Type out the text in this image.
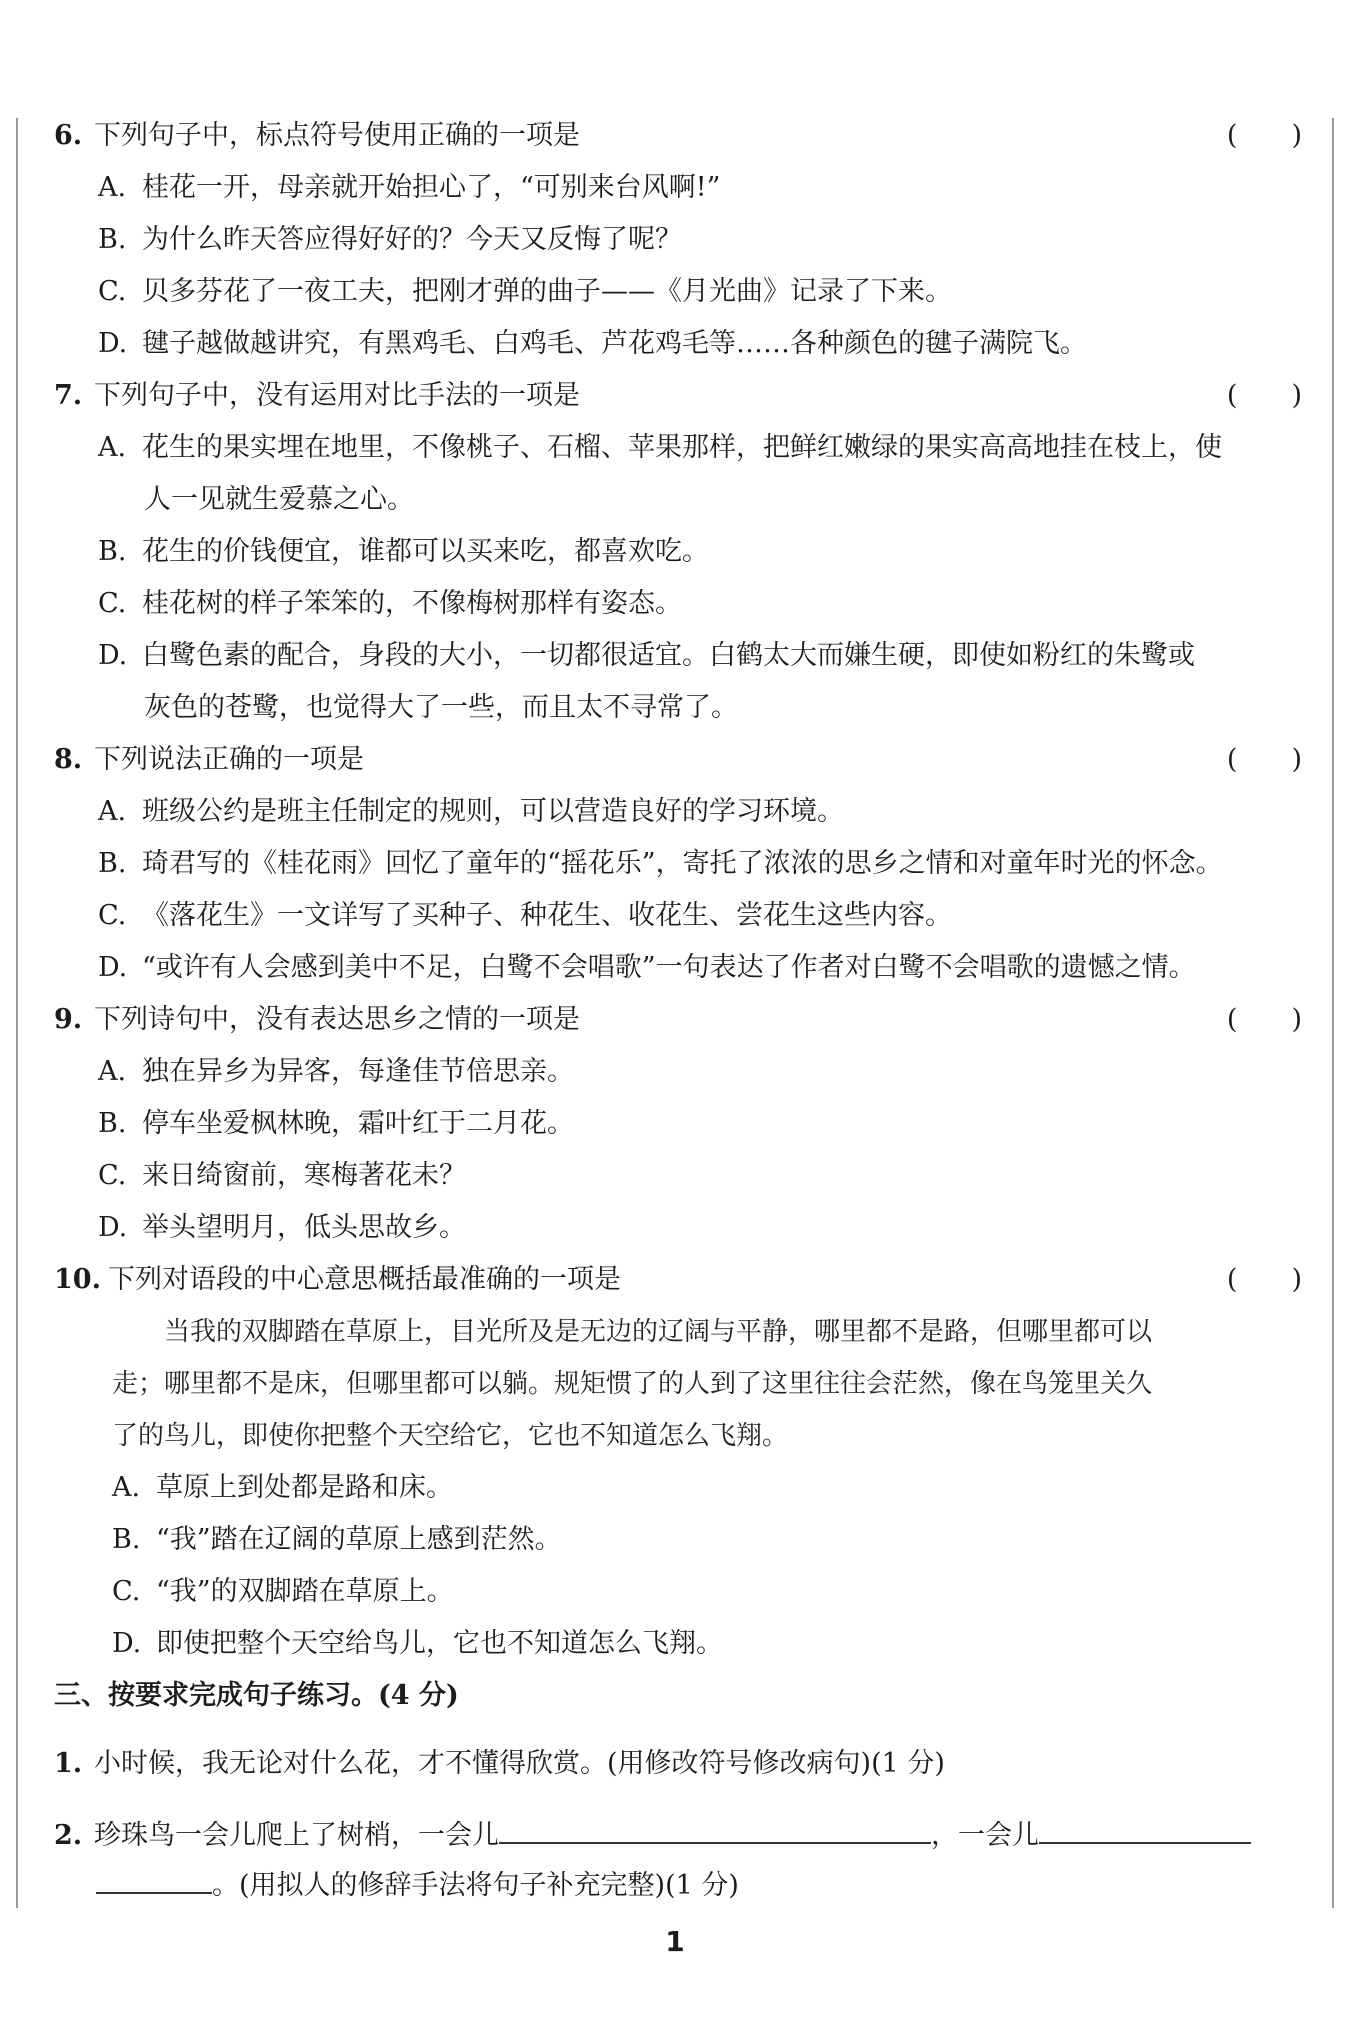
6. 下列句子中，标点符号使用正确的一项是	(　　)
A. 桂花一开，母亲就开始担心了，“可别来台风啊!”
B. 为什么昨天答应得好好的？今天又反悔了呢？
C. 贝多芬花了一夜工夫，把刚才弹的曲子——《月光曲》记录了下来。
D. 毽子越做越讲究，有黑鸡毛、白鸡毛、芦花鸡毛等……各种颜色的毽子满院飞。
7. 下列句子中，没有运用对比手法的一项是	(　　)
A. 花生的果实埋在地里，不像桃子、石榴、苹果那样，把鲜红嫩绿的果实高高地挂在枝上，使
人一见就生爱慕之心。
B. 花生的价钱便宜，谁都可以买来吃，都喜欢吃。
C. 桂花树的样子笨笨的，不像梅树那样有姿态。
D. 白鹭色素的配合，身段的大小，一切都很适宜。白鹤太大而嫌生硬，即使如粉红的朱鹭或
灰色的苍鹭，也觉得大了一些，而且太不寻常了。
8. 下列说法正确的一项是	(　　)
A. 班级公约是班主任制定的规则，可以营造良好的学习环境。
B. 琦君写的《桂花雨》回忆了童年的“摇花乐”，寄托了浓浓的思乡之情和对童年时光的怀念。
C. 《落花生》一文详写了买种子、种花生、收花生、尝花生这些内容。
D. “或许有人会感到美中不足，白鹭不会唱歌”一句表达了作者对白鹭不会唱歌的遗憾之情。
9. 下列诗句中，没有表达思乡之情的一项是	(　　)
A. 独在异乡为异客，每逢佳节倍思亲。
B. 停车坐爱枫林晚，霜叶红于二月花。
C. 来日绮窗前，寒梅著花未？
D. 举头望明月，低头思故乡。
10. 下列对语段的中心意思概括最准确的一项是	(　　)
　　当我的双脚踏在草原上，目光所及是无边的辽阔与平静，哪里都不是路，但哪里都可以
走；哪里都不是床，但哪里都可以躺。规矩惯了的人到了这里往往会茫然，像在鸟笼里关久
了的鸟儿，即使你把整个天空给它，它也不知道怎么飞翔。
A. 草原上到处都是路和床。
B. “我”踏在辽阔的草原上感到茫然。
C. “我”的双脚踏在草原上。
D. 即使把整个天空给鸟儿，它也不知道怎么飞翔。
三、按要求完成句子练习。(4 分)
1. 小时候，我无论对什么花，才不懂得欣赏。(用修改符号修改病句)(1 分)
2. 珍珠鸟一会儿爬上了树梢，一会儿	，一会儿
。(用拟人的修辞手法将句子补充完整)(1 分)
1
